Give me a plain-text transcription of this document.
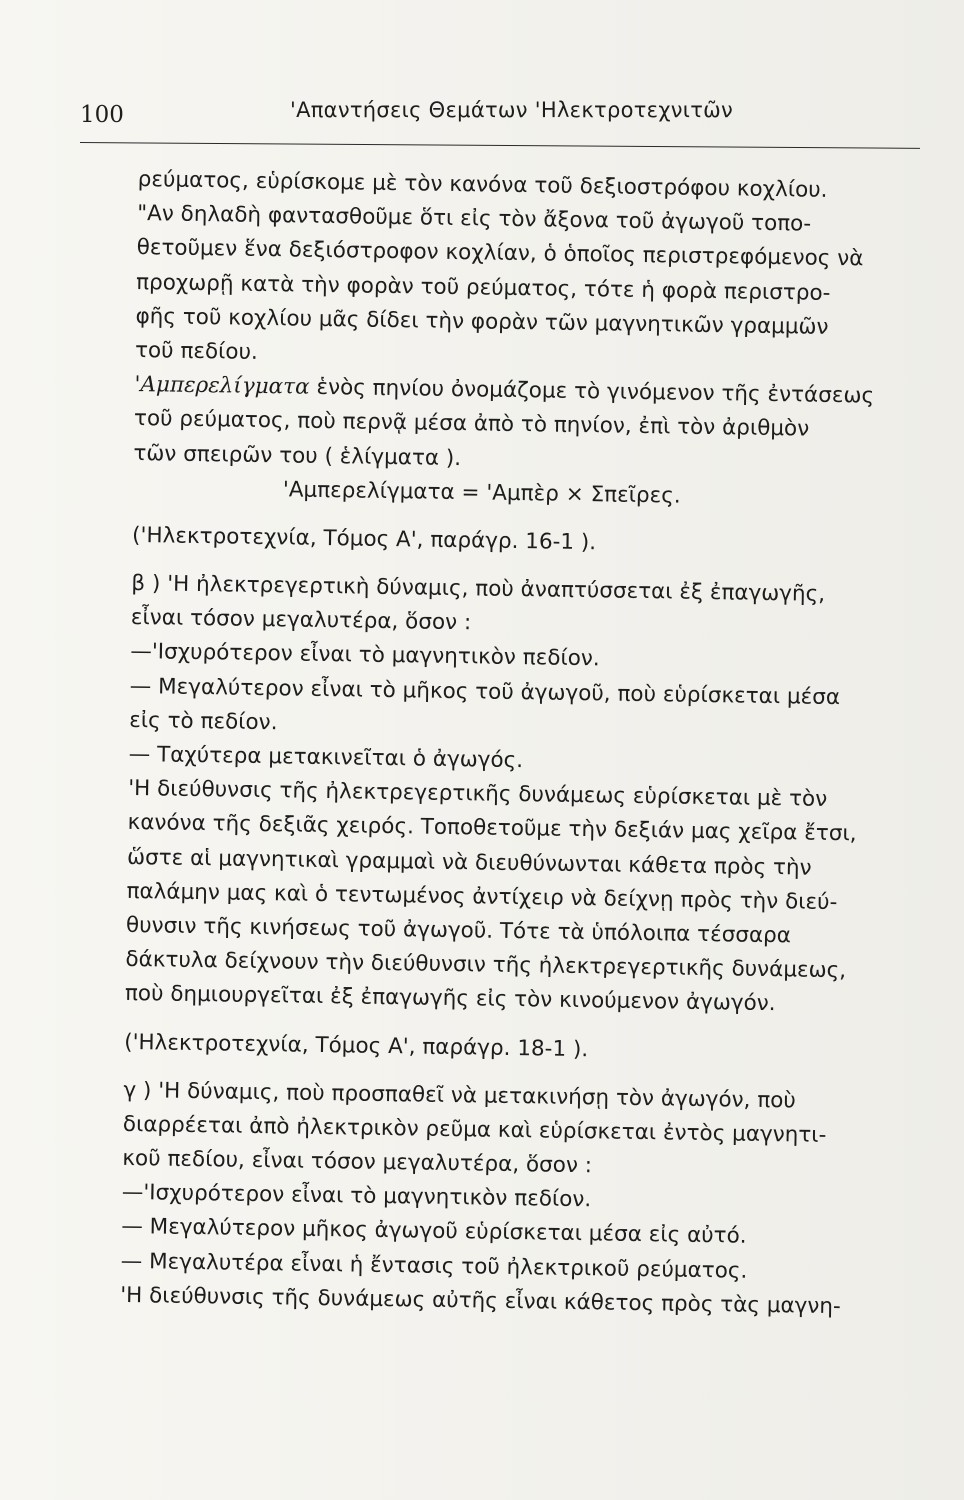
100	'Απαντήσεις Θεμάτων 'Ηλεκτροτεχνιτῶν
ρεύματος, εὑρίσκομε μὲ τὸν κανόνα τοῦ δεξιοστρόφου κοχλίου.
"Αν δηλαδὴ φαντασθοῦμε ὅτι εἰς τὸν ἄξονα τοῦ ἀγωγοῦ τοπο-
θετοῦμεν ἕνα δεξιόστροφον κοχλίαν, ὁ ὁποῖος περιστρεφόμενος νὰ
προχωρῇ κατὰ τὴν φορὰν τοῦ ρεύματος, τότε ἡ φορὰ περιστρο-
φῆς τοῦ κοχλίου μᾶς δίδει τὴν φορὰν τῶν μαγνητικῶν γραμμῶν
τοῦ πεδίου.
'Αμπερελίγματα ἑνὸς πηνίου ὀνομάζομε τὸ γινόμενον τῆς ἐντάσεως
τοῦ ρεύματος, ποὺ περνᾷ μέσα ἀπὸ τὸ πηνίον, ἐπὶ τὸν ἀριθμὸν
τῶν σπειρῶν του ( ἑλίγματα ).
'Αμπερελίγματα = 'Αμπὲρ × Σπεῖρες.
('Ηλεκτροτεχνία, Τόμος Α', παράγρ. 16-1 ).
β ) 'Η ἠλεκτρεγερτικὴ δύναμις, ποὺ ἀναπτύσσεται ἐξ ἐπαγωγῆς,
εἶναι τόσον μεγαλυτέρα, ὅσον :
—'Ισχυρότερον εἶναι τὸ μαγνητικὸν πεδίον.
— Μεγαλύτερον εἶναι τὸ μῆκος τοῦ ἀγωγοῦ, ποὺ εὑρίσκεται μέσα
εἰς τὸ πεδίον.
— Ταχύτερα μετακινεῖται ὁ ἀγωγός.
'Η διεύθυνσις τῆς ἠλεκτρεγερτικῆς δυνάμεως εὑρίσκεται μὲ τὸν
κανόνα τῆς δεξιᾶς χειρός. Τοποθετοῦμε τὴν δεξιάν μας χεῖρα ἔτσι,
ὥστε αἱ μαγνητικαὶ γραμμαὶ νὰ διευθύνωνται κάθετα πρὸς τὴν
παλάμην μας καὶ ὁ τεντωμένος ἀντίχειρ νὰ δείχνῃ πρὸς τὴν διεύ-
θυνσιν τῆς κινήσεως τοῦ ἀγωγοῦ. Τότε τὰ ὑπόλοιπα τέσσαρα
δάκτυλα δείχνουν τὴν διεύθυνσιν τῆς ἠλεκτρεγερτικῆς δυνάμεως,
ποὺ δημιουργεῖται ἐξ ἐπαγωγῆς εἰς τὸν κινούμενον ἀγωγόν.
('Ηλεκτροτεχνία, Τόμος Α', παράγρ. 18-1 ).
γ ) 'Η δύναμις, ποὺ προσπαθεῖ νὰ μετακινήσῃ τὸν ἀγωγόν, ποὺ
διαρρέεται ἀπὸ ἠλεκτρικὸν ρεῦμα καὶ εὑρίσκεται ἐντὸς μαγνητι-
κοῦ πεδίου, εἶναι τόσον μεγαλυτέρα, ὅσον :
—'Ισχυρότερον εἶναι τὸ μαγνητικὸν πεδίον.
— Μεγαλύτερον μῆκος ἀγωγοῦ εὑρίσκεται μέσα εἰς αὐτό.
— Μεγαλυτέρα εἶναι ἡ ἔντασις τοῦ ἠλεκτρικοῦ ρεύματος.
'Η διεύθυνσις τῆς δυνάμεως αὐτῆς εἶναι κάθετος πρὸς τὰς μαγνη-
